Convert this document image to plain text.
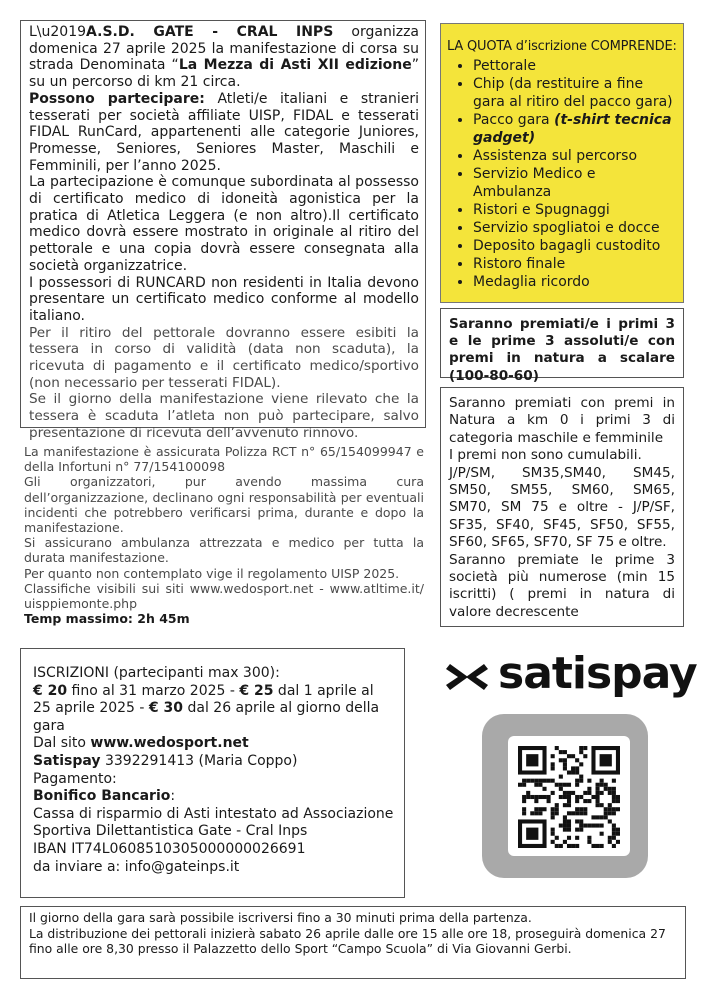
L\u2019A.S.D. GATE - CRAL INPS organizza domenica 27 aprile 2025 la manifestazione di corsa su strada Denominata “La Mezza di Asti XII edizione” su un percorso di km 21 circa.

Possono partecipare: Atleti/e italiani e stranieri tesserati per società affiliate UISP, FIDAL e tesserati FIDAL RunCard, appartenenti alle categorie Juniores, Promesse, Seniores, Seniores Master, Maschili e Femminili, per l’anno 2025.

La partecipazione è comunque subordinata al possesso di certificato medico di idoneità agonistica per la pratica di Atletica Leggera (e non altro).Il certificato medico dovrà essere mostrato in originale al ritiro del pettorale e una copia dovrà essere consegnata alla società organizzatrice.

I possessori di RUNCARD non residenti in Italia devono presentare un certificato medico conforme al modello italiano.

Per il ritiro del pettorale dovranno essere esibiti la tessera in corso di validità (data non scaduta), la ricevuta di pagamento e il certificato medico/sportivo (non necessario per tesserati FIDAL).

Se il giorno della manifestazione viene rilevato che la tessera è scaduta l’atleta non può partecipare, salvo presentazione di ricevuta dell’avvenuto rinnovo.

La manifestazione è assicurata Polizza RCT n° 65/154099947 e della Infortuni n° 77/154100098

Gli organizzatori, pur avendo massima cura dell’organizzazione, declinano ogni responsabilità per eventuali incidenti che potrebbero verificarsi prima, durante e dopo la manifestazione.

Si assicurano ambulanza attrezzata e medico per tutta la durata manifestazione.

Per quanto non contemplato vige il regolamento UISP 2025.

Classifiche visibili sui siti www.wedosport.net - www.atltime.it/ uisppiemonte.php

Temp massimo: 2h 45m

LA QUOTA d’iscrizione COMPRENDE:
• Pettorale
• Chip (da restituire a fine gara al ritiro del pacco gara)
• Pacco gara (t-shirt tecnica gadget)
• Assistenza sul percorso
• Servizio Medico e Ambulanza
• Ristori e Spugnaggi
• Servizio spogliatoi e docce
• Deposito bagagli custodito
• Ristoro finale
• Medaglia ricordo

Saranno premiati/e i primi 3 e le prime 3 assoluti/e con premi in natura a scalare (100-80-60)

Saranno premiati con premi in Natura a km 0 i primi 3 di categoria maschile e femminile

I premi non sono cumulabili.

J/P/SM, SM35,SM40, SM45, SM50, SM55, SM60, SM65, SM70, SM 75 e oltre - J/P/SF, SF35, SF40, SF45, SF50, SF55, SF60, SF65, SF70, SF 75 e oltre.

Saranno premiate le prime 3 società più numerose (min 15 iscritti) ( premi in natura di valore decrescente

ISCRIZIONI (partecipanti max 300):

€ 20 fino al 31 marzo 2025 - € 25 dal 1 aprile al 25 aprile 2025 - € 30 dal 26 aprile al giorno della gara

Dal sito www.wedosport.net

Satispay 3392291413 (Maria Coppo)

Pagamento:

Bonifico Bancario:

Cassa di risparmio di Asti intestato ad Associazione Sportiva Dilettantistica Gate - Cral Inps

IBAN IT74L0608510305000000026691

da inviare a: info@gateinps.it

satispay

Il giorno della gara sarà possibile iscriversi fino a 30 minuti prima della partenza.

La distribuzione dei pettorali inizierà sabato 26 aprile dalle ore 15 alle ore 18, proseguirà domenica 27 fino alle ore 8,30 presso il Palazzetto dello Sport “Campo Scuola” di Via Giovanni Gerbi.
